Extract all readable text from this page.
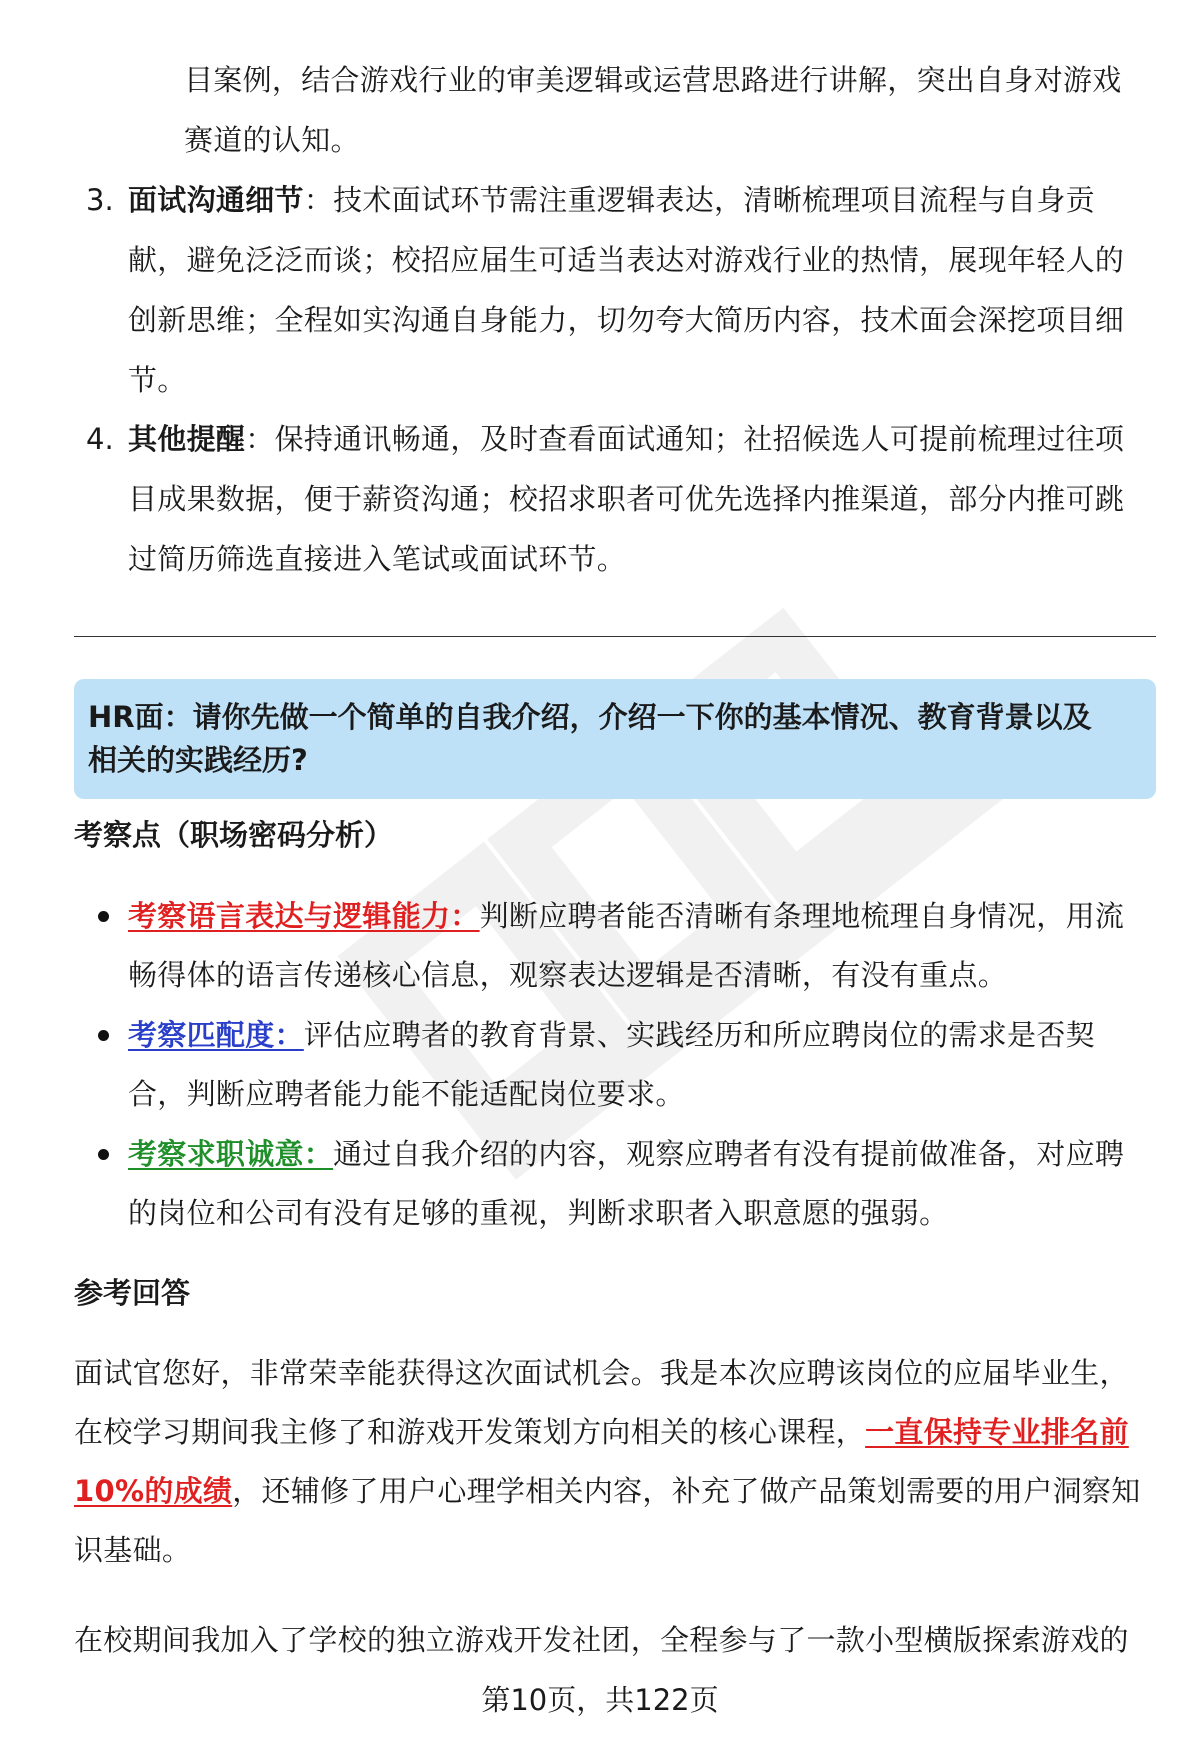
目案例，结合游戏行业的审美逻辑或运营思路进行讲解，突出自身对游戏
赛道的认知。
3. 面试沟通细节：技术面试环节需注重逻辑表达，清晰梳理项目流程与自身贡
献，避免泛泛而谈；校招应届生可适当表达对游戏行业的热情，展现年轻人的
创新思维；全程如实沟通自身能力，切勿夸大简历内容，技术面会深挖项目细
节。
4. 其他提醒：保持通讯畅通，及时查看面试通知；社招候选人可提前梳理过往项
目成果数据，便于薪资沟通；校招求职者可优先选择内推渠道，部分内推可跳
过简历筛选直接进入笔试或面试环节。
HR面：请你先做一个简单的自我介绍，介绍一下你的基本情况、教育背景以及
相关的实践经历?
考察点（职场密码分析）
考察语言表达与逻辑能力：判断应聘者能否清晰有条理地梳理自身情况，用流
畅得体的语言传递核心信息，观察表达逻辑是否清晰，有没有重点。
考察匹配度：评估应聘者的教育背景、实践经历和所应聘岗位的需求是否契
合，判断应聘者能力能不能适配岗位要求。
考察求职诚意：通过自我介绍的内容，观察应聘者有没有提前做准备，对应聘
的岗位和公司有没有足够的重视，判断求职者入职意愿的强弱。
参考回答
面试官您好，非常荣幸能获得这次面试机会。我是本次应聘该岗位的应届毕业生，
在校学习期间我主修了和游戏开发策划方向相关的核心课程，一直保持专业排名前
10%的成绩，还辅修了用户心理学相关内容，补充了做产品策划需要的用户洞察知
识基础。
在校期间我加入了学校的独立游戏开发社团，全程参与了一款小型横版探索游戏的
第10页，共122页
